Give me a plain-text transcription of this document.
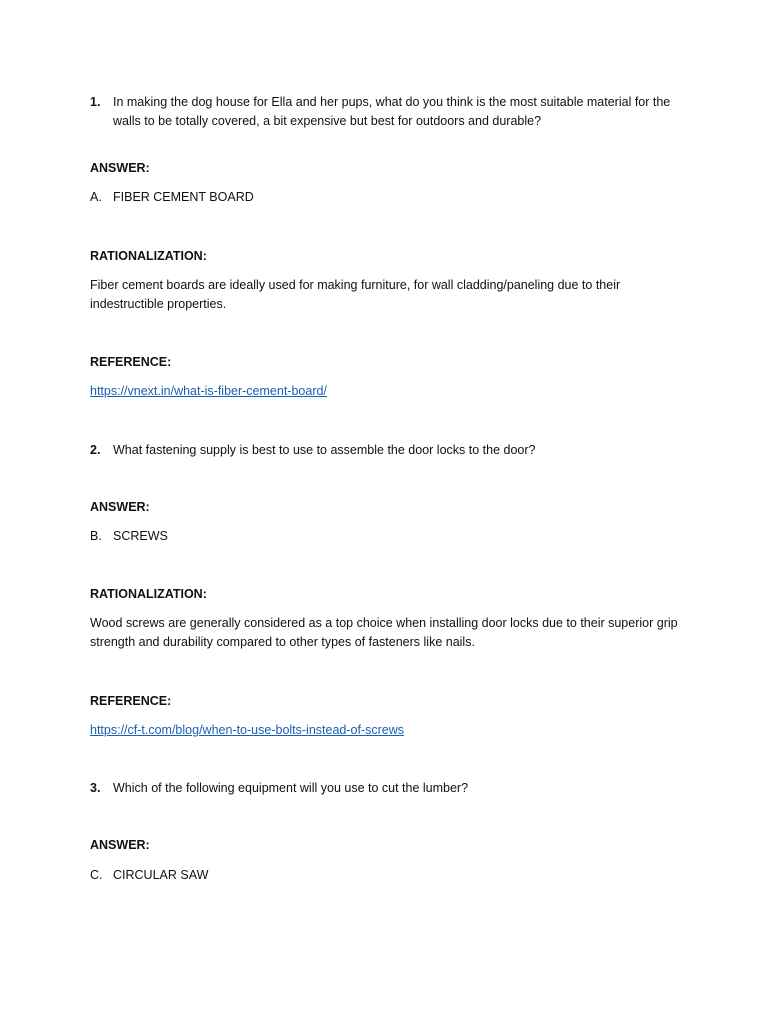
1. In making the dog house for Ella and her pups, what do you think is the most suitable material for the walls to be totally covered, a bit expensive but best for outdoors and durable?
ANSWER:
A. FIBER CEMENT BOARD
RATIONALIZATION:
Fiber cement boards are ideally used for making furniture, for wall cladding/paneling due to their indestructible properties.
REFERENCE:
https://vnext.in/what-is-fiber-cement-board/
2. What fastening supply is best to use to assemble the door locks to the door?
ANSWER:
B. SCREWS
RATIONALIZATION:
Wood screws are generally considered as a top choice when installing door locks due to their superior grip strength and durability compared to other types of fasteners like nails.
REFERENCE:
https://cf-t.com/blog/when-to-use-bolts-instead-of-screws
3. Which of the following equipment will you use to cut the lumber?
ANSWER:
C. CIRCULAR SAW
